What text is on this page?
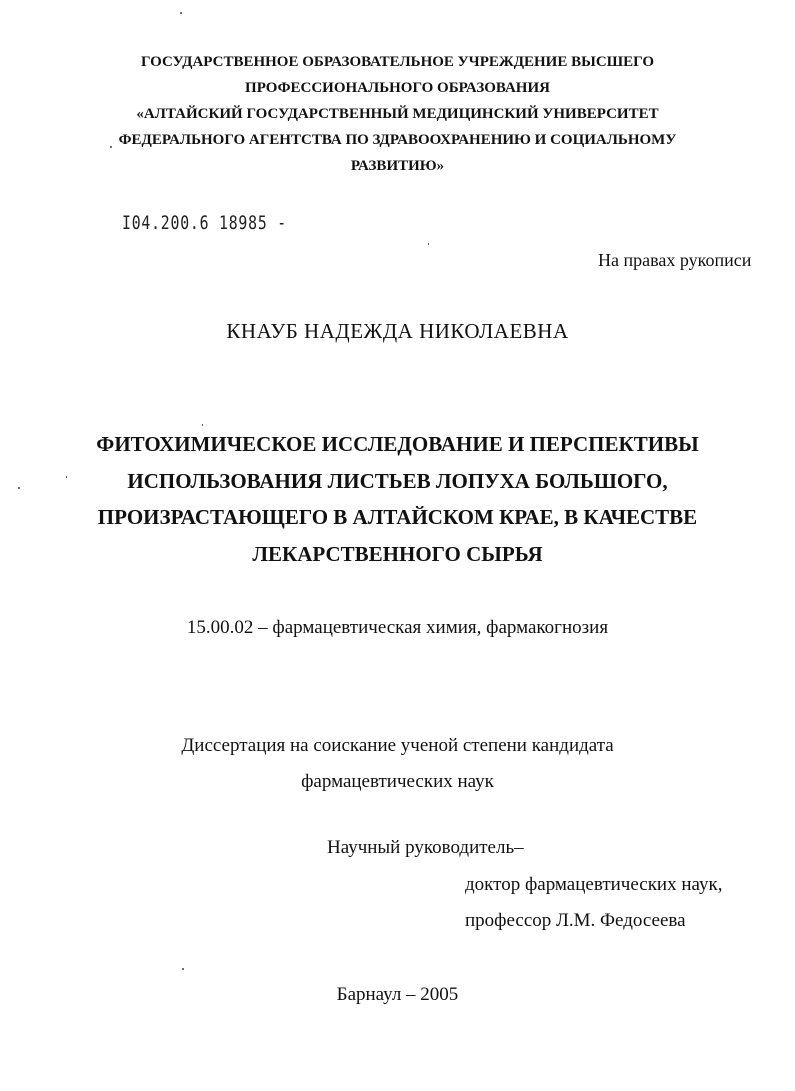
ГОСУДАРСТВЕННОЕ ОБРАЗОВАТЕЛЬНОЕ УЧРЕЖДЕНИЕ ВЫСШЕГО
ПРОФЕССИОНАЛЬНОГО ОБРАЗОВАНИЯ
«АЛТАЙСКИЙ ГОСУДАРСТВЕННЫЙ МЕДИЦИНСКИЙ УНИВЕРСИТЕТ
ФЕДЕРАЛЬНОГО АГЕНТСТВА ПО ЗДРАВООХРАНЕНИЮ И СОЦИАЛЬНОМУ
РАЗВИТИЮ»
I04.200.6 18985 -
На правах рукописи
КНАУБ НАДЕЖДА НИКОЛАЕВНА
ФИТОХИМИЧЕСКОЕ ИССЛЕДОВАНИЕ И ПЕРСПЕКТИВЫ
ИСПОЛЬЗОВАНИЯ ЛИСТЬЕВ ЛОПУХА БОЛЬШОГО,
ПРОИЗРАСТАЮЩЕГО В АЛТАЙСКОМ КРАЕ, В КАЧЕСТВЕ
ЛЕКАРСТВЕННОГО СЫРЬЯ
15.00.02 – фармацевтическая химия, фармакогнозия
Диссертация на соискание ученой степени кандидата
фармацевтических наук
Научный руководитель–
доктор фармацевтических наук,
профессор Л.М. Федосеева
Барнаул – 2005
